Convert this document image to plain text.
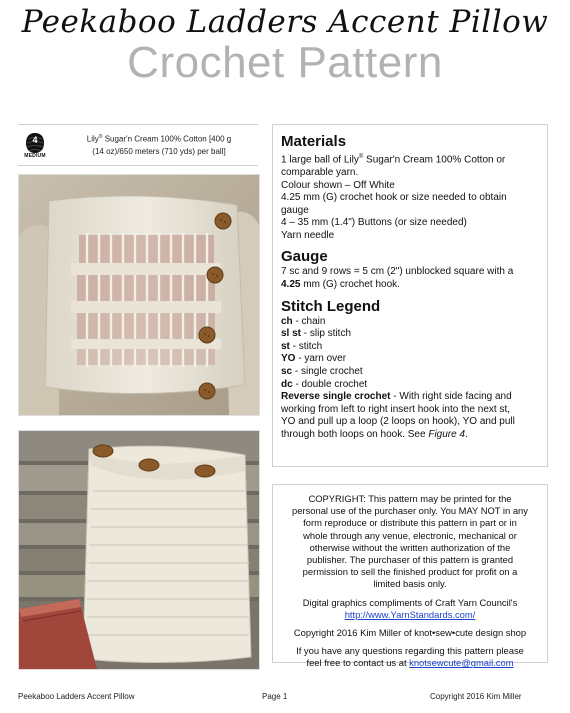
Peekaboo Ladders Accent Pillow
Crochet Pattern
4
MEDIUM
Lily® Sugar'n Cream 100% Cotton [400 g
(14 oz)/650 meters (710 yds) per ball]

Materials

1 large ball of Lily® Sugar'n Cream 100% Cotton or

comparable yarn.

Colour shown – Off White

4.25 mm (G) crochet hook or size needed to obtain

gauge

4 – 35 mm (1.4") Buttons (or size needed)

Yarn needle

Gauge

7 sc and 9 rows = 5 cm (2") unblocked square with a

4.25 mm (G) crochet hook.

Stitch Legend

ch - chain

sl st - slip stitch

st - stitch

YO - yarn over

sc - single crochet

dc - double crochet

Reverse single crochet - With right side facing and

working from left to right insert hook into the next st,

YO and pull up a loop (2 loops on hook), YO and pull

through both loops on hook. See Figure 4.

COPYRIGHT: This pattern may be printed for the

personal use of the purchaser only. You MAY NOT in any

form reproduce or distribute this pattern in part or in

whole through any venue, electronic, mechanical or

otherwise without the written authorization of the

publisher. The purchaser of this pattern is granted

permission to sell the finished product for profit on a

limited basis only.

Digital graphics compliments of Craft Yarn Council's

http://www.YarnStandards.com/

Copyright 2016 Kim Miller of knot•sew•cute design shop

If you have any questions regarding this pattern please

feel free to contact us at knotsewcute@gmail.com

Peekaboo Ladders Accent Pillow	Page 1	Copyright 2016 Kim Miller
